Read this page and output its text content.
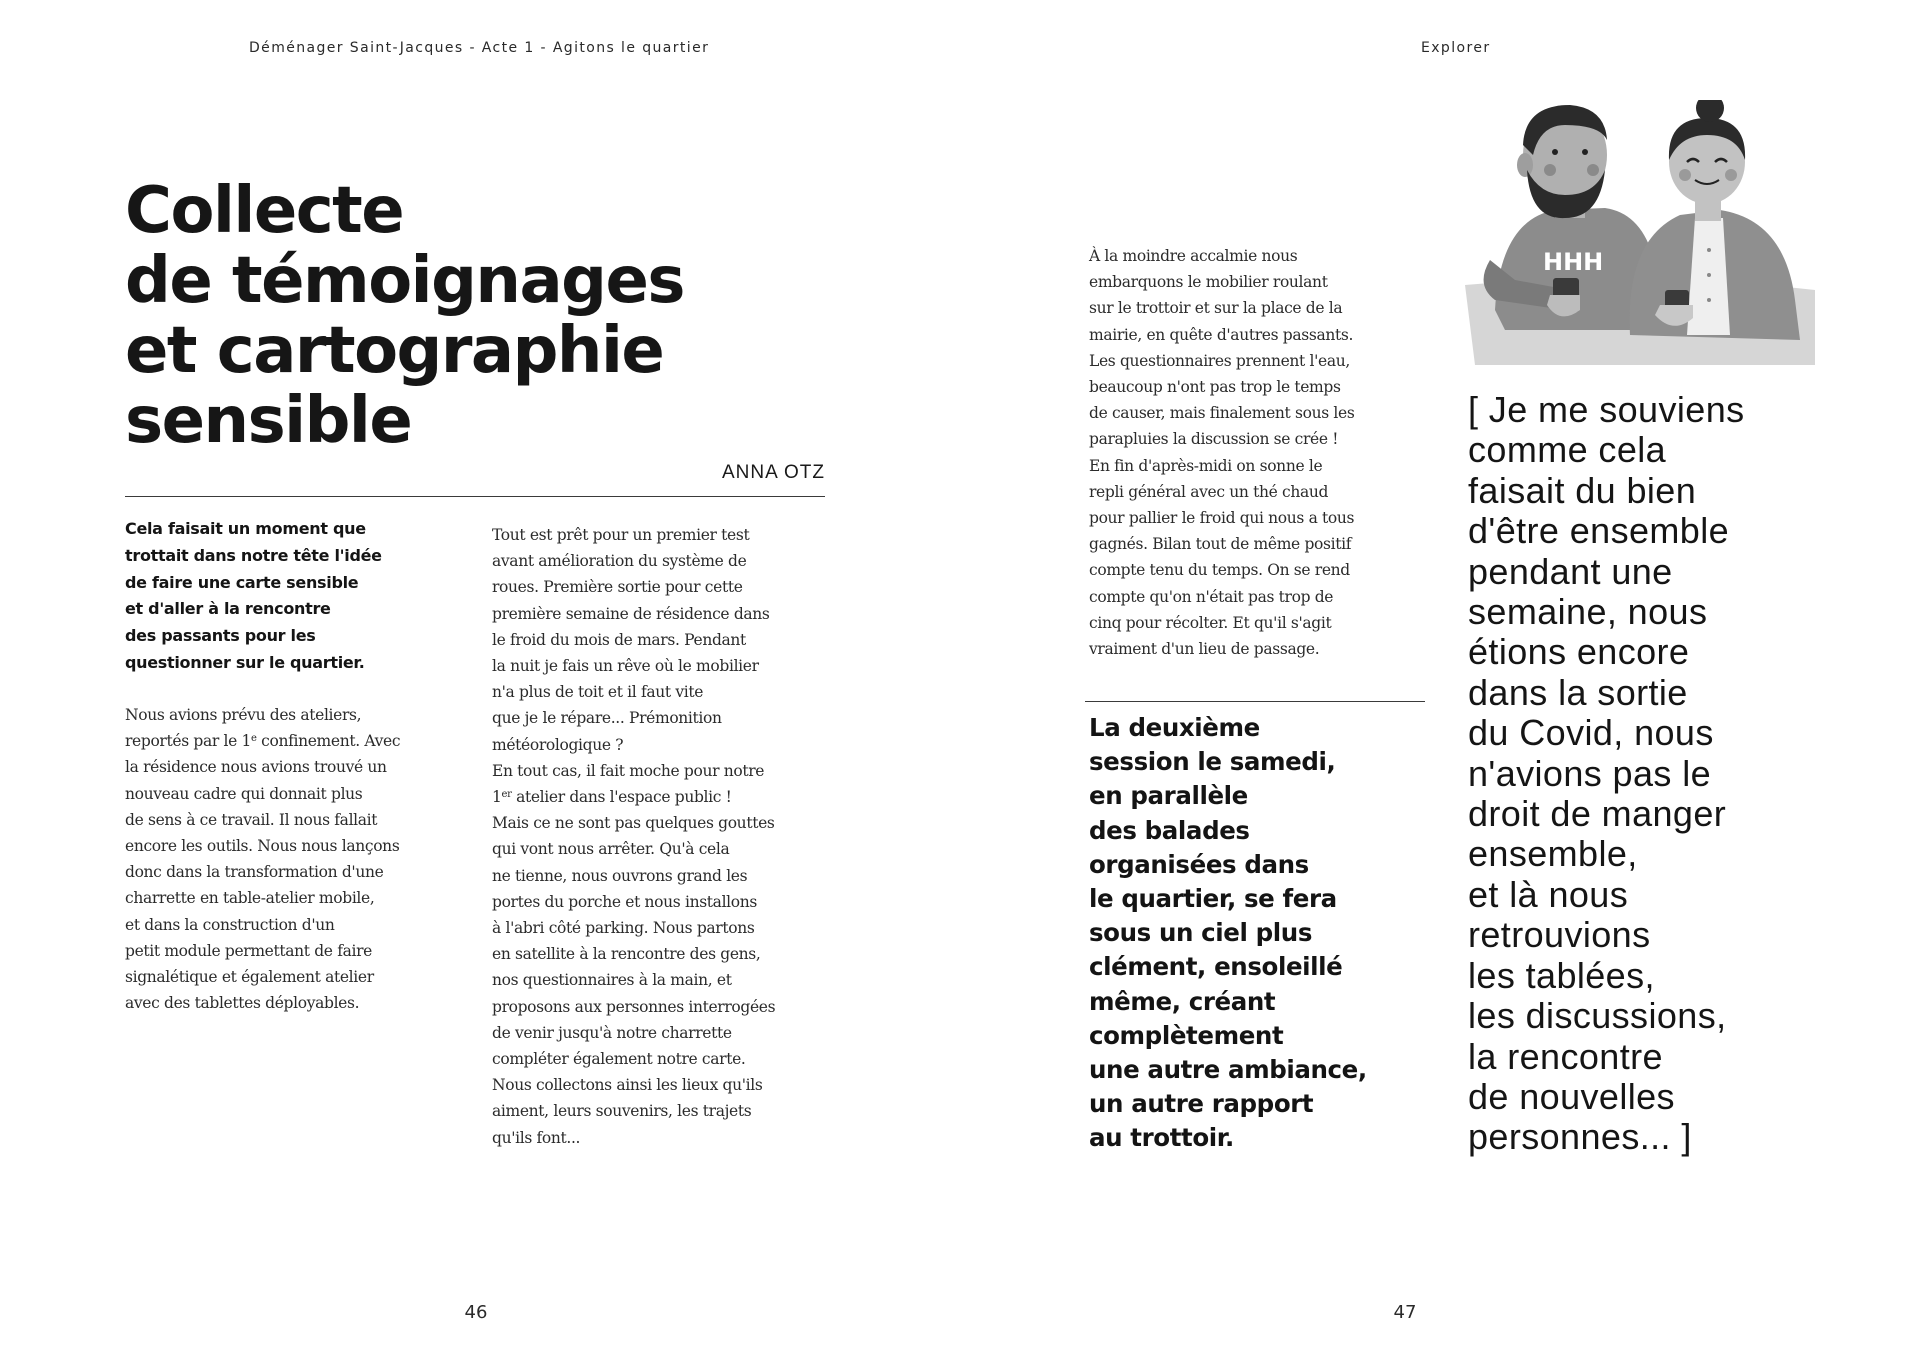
Déménager Saint-Jacques - Acte 1 - Agitons le quartier
Collecte
de témoignages
et cartographie
sensible
ANNA OTZ
Cela faisait un moment que
trottait dans notre tête l'idée
de faire une carte sensible
et d'aller à la rencontre
des passants pour les
questionner sur le quartier.
Nous avions prévu des ateliers,
reportés par le 1e confinement. Avec
la résidence nous avions trouvé un
nouveau cadre qui donnait plus
de sens à ce travail. Il nous fallait
encore les outils. Nous nous lançons
donc dans la transformation d'une
charrette en table-atelier mobile,
et dans la construction d'un
petit module permettant de faire
signalétique et également atelier
avec des tablettes déployables.
Tout est prêt pour un premier test
avant amélioration du système de
roues. Première sortie pour cette
première semaine de résidence dans
le froid du mois de mars. Pendant
la nuit je fais un rêve où le mobilier
n'a plus de toit et il faut vite
que je le répare... Prémonition
météorologique ?
En tout cas, il fait moche pour notre
1er atelier dans l'espace public !
Mais ce ne sont pas quelques gouttes
qui vont nous arrêter. Qu'à cela
ne tienne, nous ouvrons grand les
portes du porche et nous installons
à l'abri côté parking. Nous partons
en satellite à la rencontre des gens,
nos questionnaires à la main, et
proposons aux personnes interrogées
de venir jusqu'à notre charrette
compléter également notre carte.
Nous collectons ainsi les lieux qu'ils
aiment, leurs souvenirs, les trajets
qu'ils font...
46
Explorer
47
À la moindre accalmie nous
embarquons le mobilier roulant
sur le trottoir et sur la place de la
mairie, en quête d'autres passants.
Les questionnaires prennent l'eau,
beaucoup n'ont pas trop le temps
de causer, mais finalement sous les
parapluies la discussion se crée !
En fin d'après-midi on sonne le
repli général avec un thé chaud
pour pallier le froid qui nous a tous
gagnés. Bilan tout de même positif
compte tenu du temps. On se rend
compte qu'on n'était pas trop de
cinq pour récolter. Et qu'il s'agit
vraiment d'un lieu de passage.
La deuxième
session le samedi,
en parallèle
des balades
organisées dans
le quartier, se fera
sous un ciel plus
clément, ensoleillé
même, créant
complètement
une autre ambiance,
un autre rapport
au trottoir.
[ Je me souviens
comme cela
faisait du bien
d'être ensemble
pendant une
semaine, nous
étions encore
dans la sortie
du Covid, nous
n'avions pas le
droit de manger
ensemble,
et là nous
retrouvions
les tablées,
les discussions,
la rencontre
de nouvelles
personnes... ]
HHH
